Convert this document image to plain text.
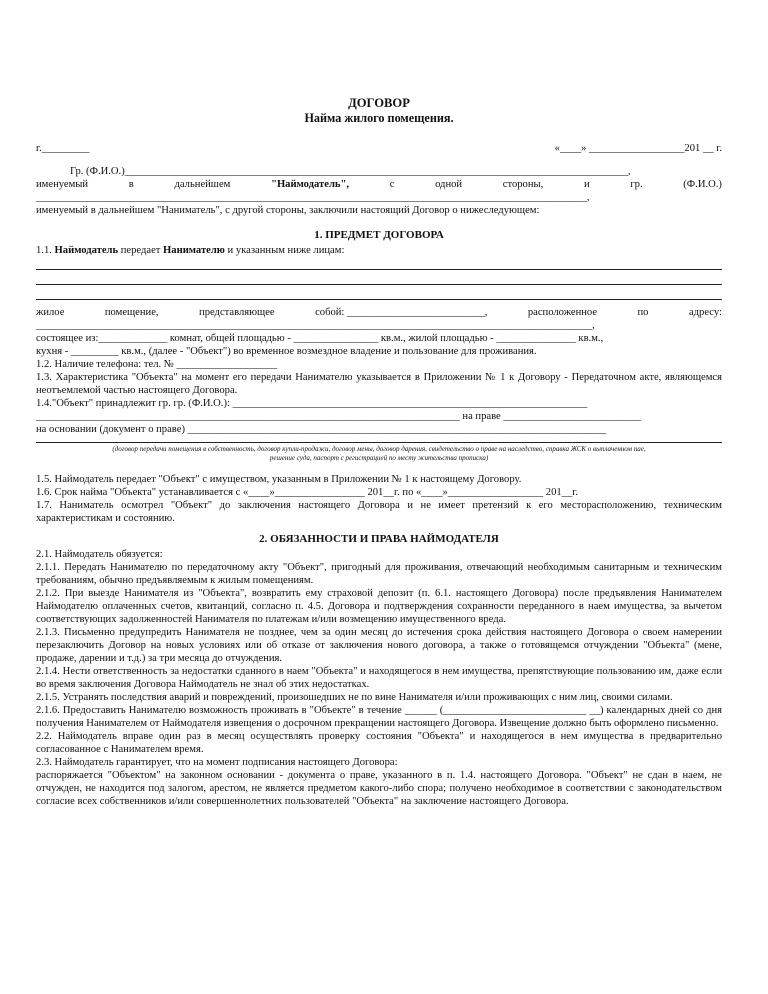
ДОГОВОР
Найма жилого помещения.
г._________	«____» __________________201 __ г.

Гр. (Ф.И.О.)_______________________________________________________________________________________________,

именуемый	в	дальнейшем	"Наймодатель",	с	одной	стороны,	и	гр.	(Ф.И.О.)

________________________________________________________________________________________________________,

именуемый в дальнейшем "Наниматель", с другой стороны, заключили настоящий Договор о нижеследующем:

1. ПРЕДМЕТ ДОГОВОРА

1.1. Наймодатель передает Нанимателю и указанным ниже лицам:

жилое	помещение,	представляющее	собой: __________________________,	расположенное	по	адресу:

_________________________________________________________________________________________________________,

состоящее из:_____________ комнат, общей площадью - ________________ кв.м., жилой площадью - _______________ кв.м.,

кухня - _________ кв.м., (далее - "Объект") во временное возмездное владение и пользование для проживания.

1.2. Наличие телефона: тел. № ___________________

1.3. Характеристика "Объекта" на момент его передачи Нанимателю указывается в Приложении № 1 к Договору - Передаточном акте, являющемся неотъемлемой частью настоящего Договора.

1.4."Объект" принадлежит гр. гр. (Ф.И.О.): ___________________________________________________________________

________________________________________________________________________________ на праве __________________________

на основании (документ о праве) _______________________________________________________________________________

(договор передачи помещения в собственность, договор купли-продажи, договор мены, договор дарения, свидетельство о праве на наследство, справка ЖСК о выплаченном пае,
решение суда, паспорт с регистрацией по месту жительства прописка)

1.5. Наймодатель передает "Объект" с имуществом, указанным в Приложении № 1 к настоящему Договору.

1.6. Срок найма "Объекта" устанавливается с «____»_________________ 201__г. по «____»__________________ 201__г.

1.7. Наниматель осмотрел "Объект" до заключения настоящего Договора и не имеет претензий к его месторасположению, техническим характеристикам и состоянию.

2. ОБЯЗАННОСТИ И ПРАВА НАЙМОДАТЕЛЯ

2.1. Наймодатель обязуется:

2.1.1. Передать Нанимателю по передаточному акту "Объект", пригодный для проживания, отвечающий необходимым санитарным и техническим требованиям, обычно предъявляемым к жилым помещениям.

2.1.2. При выезде Нанимателя из "Объекта", возвратить ему страховой депозит (п. 6.1. настоящего Договора) после предъявления Нанимателем Наймодателю оплаченных счетов, квитанций, согласно п. 4.5. Договора и подтверждения сохранности переданного в наем имущества, за вычетом соответствующих задолженностей Нанимателя по платежам и/или возмещению имущественного вреда.

2.1.3. Письменно предупредить Нанимателя не позднее, чем за один месяц до истечения срока действия настоящего Договора о своем намерении перезаключить Договор на новых условиях или об отказе от заключения нового договора, а также о готовящемся отчуждении "Объекта" (мене, продаже, дарении и т.д.) за три месяца до отчуждения.

2.1.4. Нести ответственность за недостатки сданного в наем "Объекта" и находящегося в нем имущества, препятствующие пользованию им, даже если во время заключения Договора Наймодатель не знал об этих недостатках.

2.1.5. Устранять последствия аварий и повреждений, произошедших не по вине Нанимателя и/или проживающих с ним лиц, своими силами.

2.1.6. Предоставить Нанимателю возможность проживать в "Объекте" в течение ______ (___________________________ __) календарных дней со дня получения Нанимателем от Наймодателя извещения о досрочном прекращении настоящего Договора. Извещение должно быть оформлено письменно.

2.2. Наймодатель вправе один раз в месяц осуществлять проверку состояния "Объекта" и находящегося в нем имущества в предварительно согласованное с Нанимателем время.

2.3. Наймодатель гарантирует, что на момент подписания настоящего Договора:

распоряжается "Объектом" на законном основании - документа о праве, указанного в п. 1.4. настоящего Договора. "Объект" не сдан в наем, не отчужден, не находится под залогом, арестом, не является предметом какого-либо спора; получено необходимое в соответствии с законодательством согласие всех собственников и/или совершеннолетних пользователей "Объекта" на заключение настоящего Договора.
